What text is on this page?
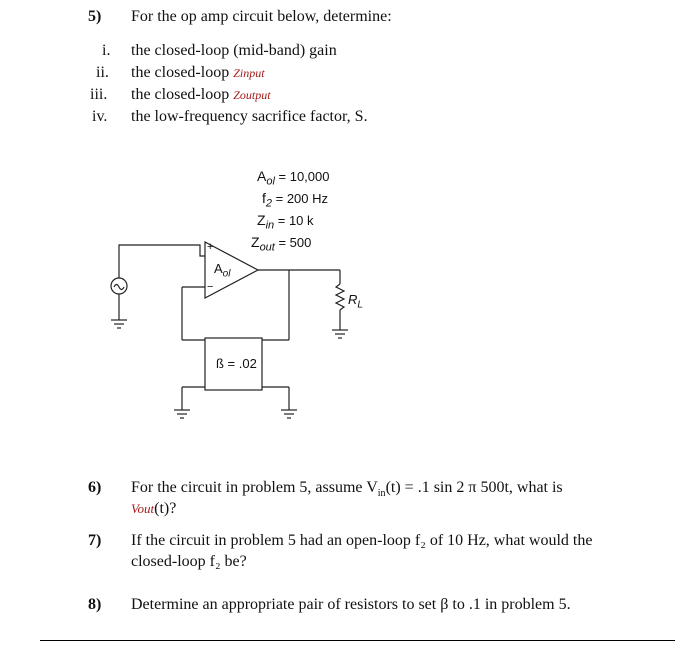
5) For the op amp circuit below, determine:
i. the closed-loop (mid-band) gain
ii. the closed-loop Zinput
iii. the closed-loop Zoutput
iv. the low-frequency sacrifice factor, S.
$A_{ol} = 10,000$
$f_2 = 200$ Hz
$Z_{in} = 10$ k
$Z_{out} = 500$
+
−
$A_{ol}$
ß = .02
$R_L$
6) For the circuit in problem 5, assume $V_{in}(t) = .1$ sin 2 π 500t, what is
Vout(t)?
7) If the circuit in problem 5 had an open-loop f₂ of 10 Hz, what would the
closed-loop f₂ be?
8) Determine an appropriate pair of resistors to set β to .1 in problem 5.
